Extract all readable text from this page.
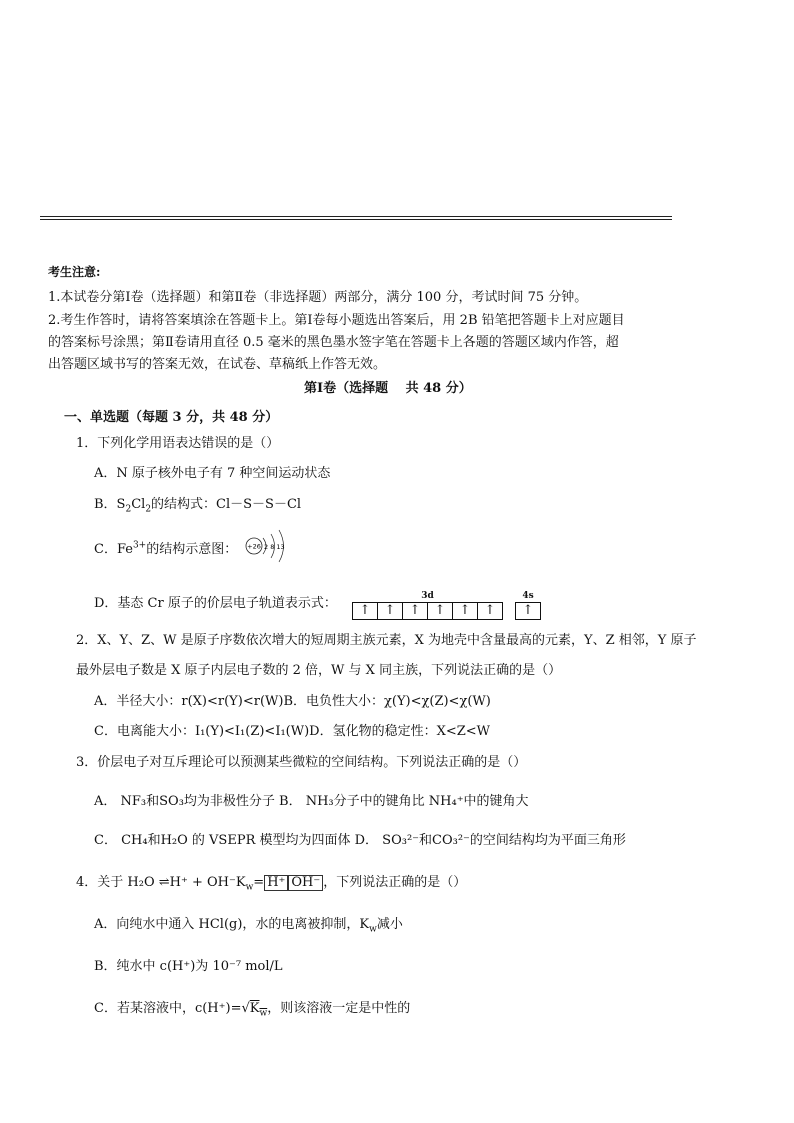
考生注意:
1.本试卷分第Ⅰ卷（选择题）和第Ⅱ卷（非选择题）两部分，满分 100 分，考试时间 75 分钟。
2.考生作答时，请将答案填涂在答题卡上。第Ⅰ卷每小题选出答案后，用 2B 铅笔把答题卡上对应题目
的答案标号涂黑；第Ⅱ卷请用直径 0.5 毫米的黑色墨水签字笔在答题卡上各题的答题区域内作答，超
出答题区域书写的答案无效，在试卷、草稿纸上作答无效。
第Ⅰ卷（选择题　 共 48 分）
一、单选题（每题 3 分，共 48 分）
1．下列化学用语表达错误的是（）
A．N 原子核外电子有 7 种空间运动状态
B．$S_2Cl_2$的结构式：Cl－S－S－Cl
C．$Fe^{3+}$的结构示意图： +26 2 8 13
D．基态 Cr 原子的价层电子轨道表示式：	3d
↑	↑	↑	↑	↑	↑
4s
↑
2．X、Y、Z、W 是原子序数依次增大的短周期主族元素，X 为地壳中含量最高的元素，Y、Z 相邻，Y 原子
最外层电子数是 X 原子内层电子数的 2 倍，W 与 X 同主族，下列说法正确的是（）
A．半径大小：r(X)<r(Y)<r(W)B．电负性大小：χ(Y)<χ(Z)<χ(W)
C．电离能大小：I₁(Y)<I₁(Z)<I₁(W)D．氢化物的稳定性：X<Z<W
3．价层电子对互斥理论可以预测某些微粒的空间结构。下列说法正确的是（）
A． NF₃和SO₃均为非极性分子 B． NH₃分子中的键角比 NH₄⁺中的键角大
C． CH₄和H₂O 的 VSEPR 模型均为四面体 D． SO₃²⁻和CO₃²⁻的空间结构均为平面三角形
4．关于 H₂O ⇌H⁺ + $OH^-K_w= H^+$ OH⁻ ，下列说法正确的是（）
A．向纯水中通入 HCl(g)，水的电离被抑制，$K_w$减小
B．纯水中 c(H⁺)为 10⁻⁷ mol/L
C．若某溶液中，$c(H^+)=√K_{\overline{w}}$，则该溶液一定是中性的
